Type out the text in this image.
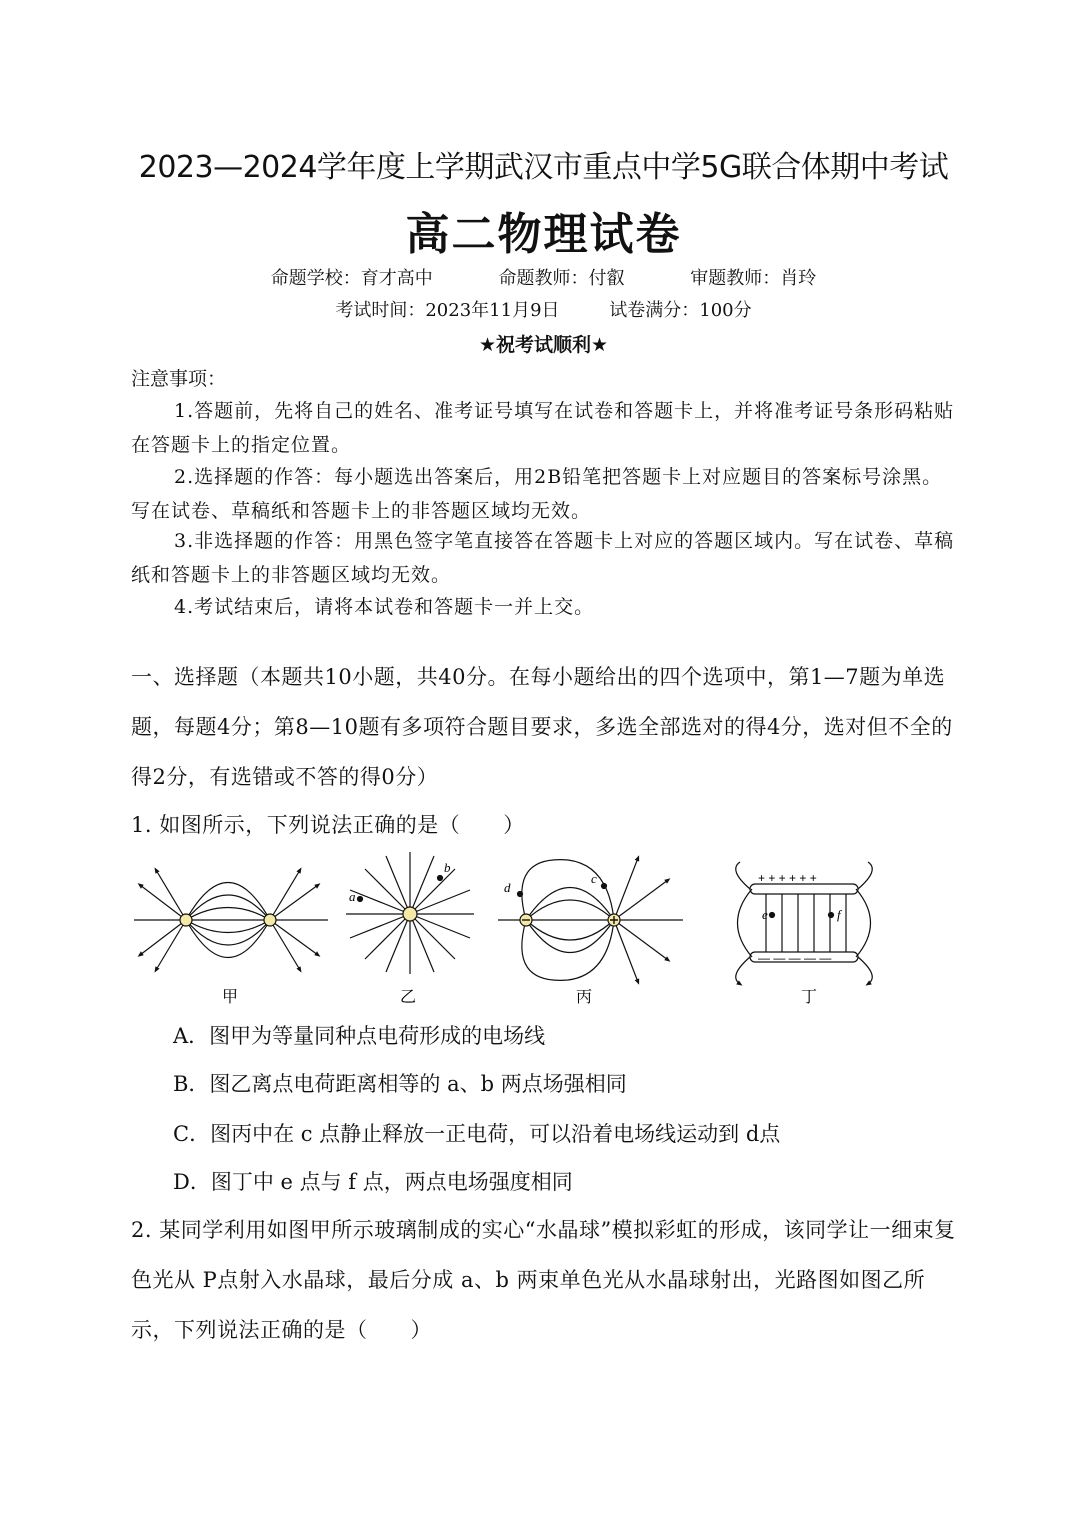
2023—2024学年度上学期武汉市重点中学5G联合体期中考试
高二物理试卷
命题学校：育才高中	命题教师：付叡	审题教师：肖玲
考试时间：2023年11月9日	试卷满分：100分
★祝考试顺利★
注意事项：
1.答题前，先将自己的姓名、准考证号填写在试卷和答题卡上，并将准考证号条形码粘贴在答题卡上的指定位置。
2.选择题的作答：每小题选出答案后，用2B铅笔把答题卡上对应题目的答案标号涂黑。写在试卷、草稿纸和答题卡上的非答题区域均无效。
3.非选择题的作答：用黑色签字笔直接答在答题卡上对应的答题区域内。写在试卷、草稿纸和答题卡上的非答题区域均无效。
4.考试结束后，请将本试卷和答题卡一并上交。
一、选择题（本题共10小题，共40分。在每小题给出的四个选项中，第1—7题为单选题，每题4分；第8—10题有多项符合题目要求，多选全部选对的得4分，选对但不全的得2分，有选错或不答的得0分）
1. 如图所示，下列说法正确的是（　　）
a
b
d
c	+ + + + + +
— — — — —
e	f
甲	乙	丙	丁
A．图甲为等量同种点电荷形成的电场线
B．图乙离点电荷距离相等的 a、b 两点场强相同
C．图丙中在 c 点静止释放一正电荷，可以沿着电场线运动到 d点
D．图丁中 e 点与 f 点，两点电场强度相同
2. 某同学利用如图甲所示玻璃制成的实心“水晶球”模拟彩虹的形成，该同学让一细束复色光从 P点射入水晶球，最后分成 a、b 两束单色光从水晶球射出，光路图如图乙所示，下列说法正确的是（　　）
